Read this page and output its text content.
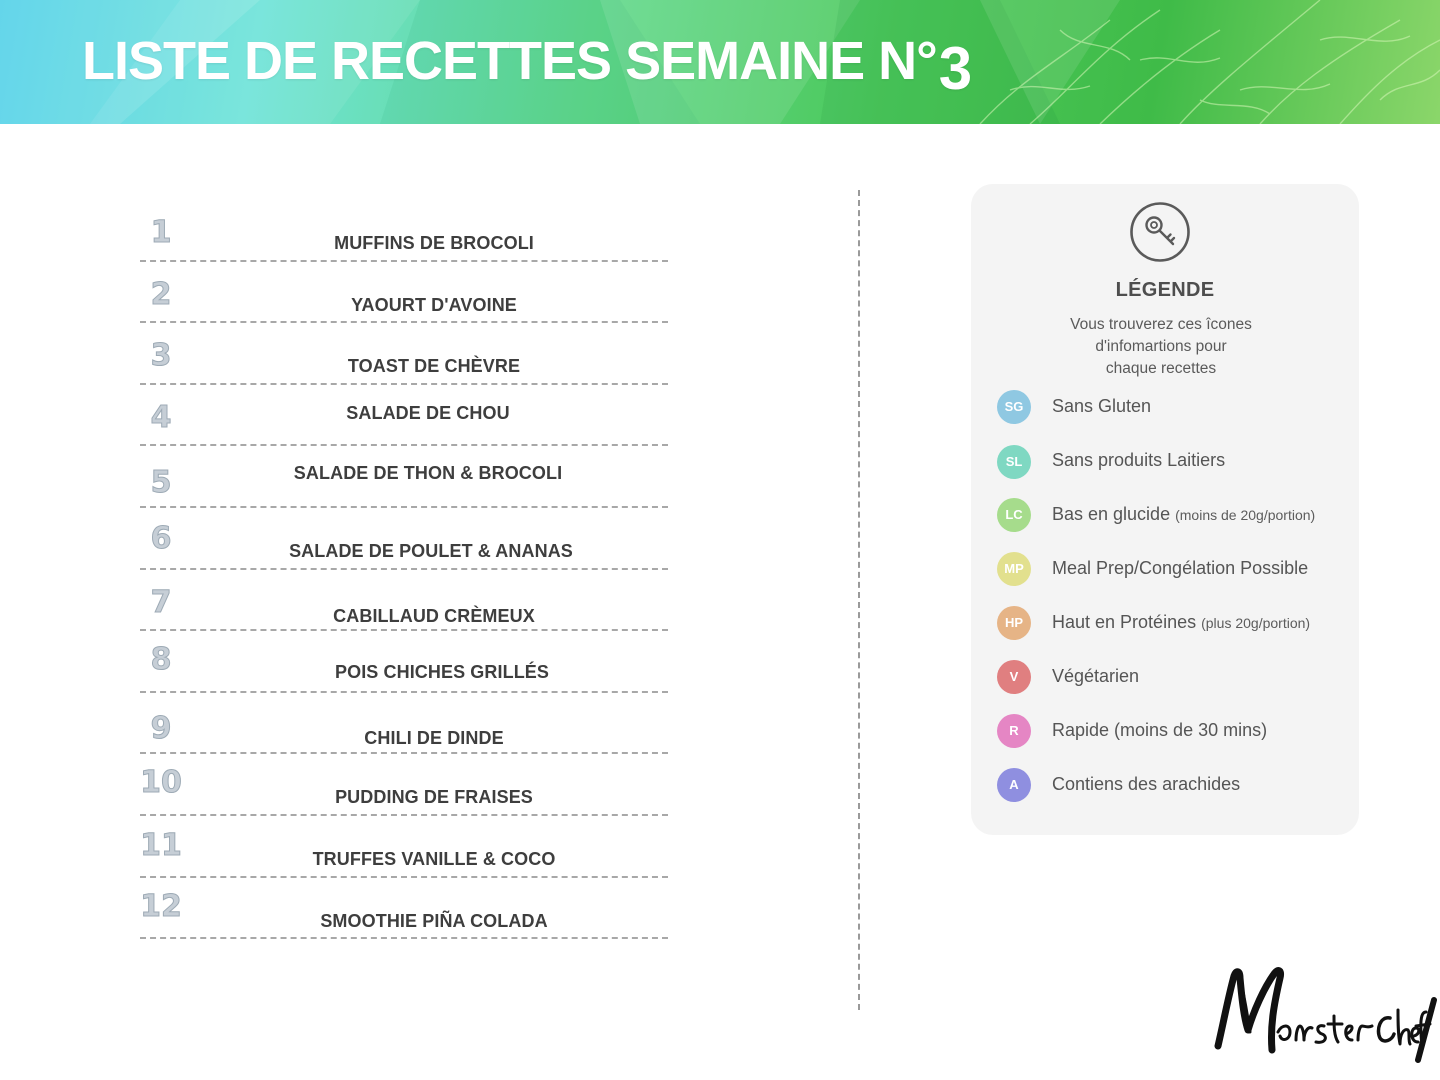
LISTE DE RECETTES SEMAINE N°3
1	MUFFINS DE BROCOLI
2	YAOURT D'AVOINE
3	TOAST DE CHÈVRE
4	SALADE DE CHOU
5	SALADE DE THON & BROCOLI
6	SALADE DE POULET & ANANAS
7	CABILLAUD CRÈMEUX
8	POIS CHICHES GRILLÉS
9	CHILI DE DINDE
10	PUDDING DE FRAISES
11	TRUFFES VANILLE & COCO
12	SMOOTHIE PIÑA COLADA
LÉGENDE
Vous trouverez ces îcones
d'infomartions pour
chaque recettes
SG	Sans Gluten
SL	Sans produits Laitiers
LC	Bas en glucide (moins de 20g/portion)
MP	Meal Prep/Congélation Possible
HP	Haut en Protéines (plus 20g/portion)
V	Végétarien
R	Rapide (moins de 30 mins)
A	Contiens des arachides
